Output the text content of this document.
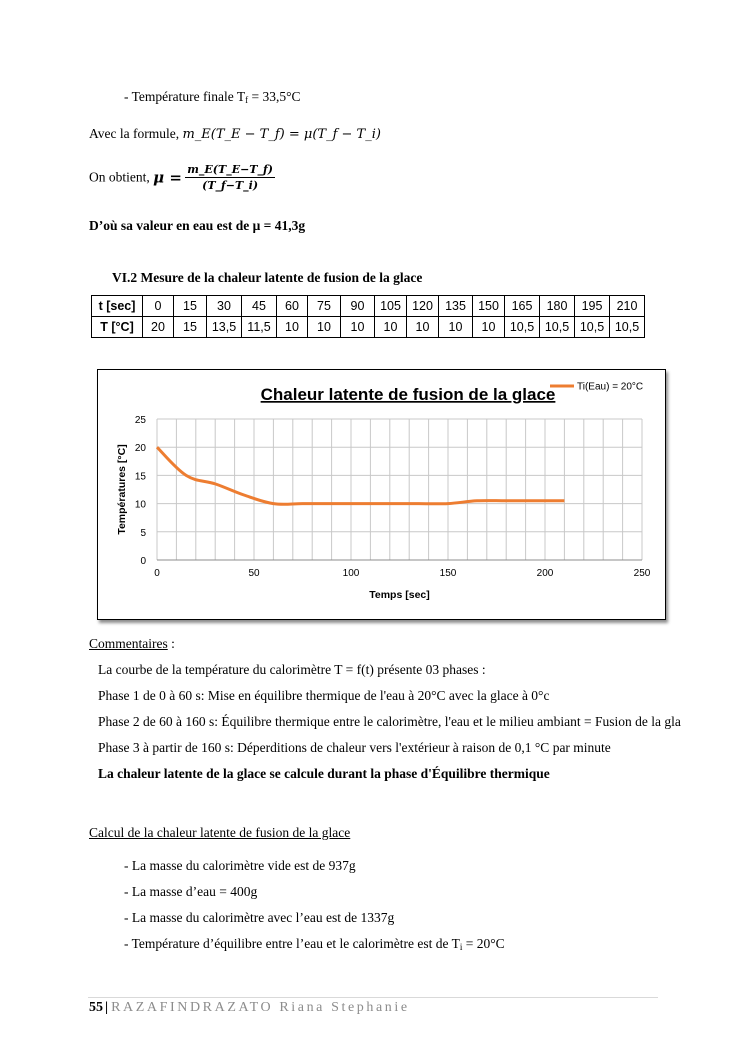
- Température finale $T_f = 33,5^\circ C$
Avec la formule, m_E(T_E − T_f) = μ(T_f − T_i)
On obtient, $\mu = \frac{m\_E(T\_E-T\_f)}{(T\_f-T\_i)}$
D’où sa valeur en eau est de μ = 41,3g
VI.2 Mesure de la chaleur latente de fusion de la glace
t [sec]	0	15	30	45	60	75	90	105	120	135	150	165	180	195	210
T [°C]	20	15	13,5	11,5	10	10	10	10	10	10	10	10,5	10,5	10,5	10,5
0	50	100	150	200	250
0
5
10
15
20
25
Chaleur latente de fusion de la glace
Temps [sec]
Températures [°C]
Ti(Eau) = 20°C
Commentaires :
La courbe de la température du calorimètre T = f(t) présente 03 phases :
Phase 1 de 0 à 60 s: Mise en équilibre thermique de l'eau à 20°C avec la glace à 0°c
Phase 2 de 60 à 160 s: Équilibre thermique entre le calorimètre, l'eau et le milieu ambiant = Fusion de la gla
Phase 3 à partir de 160 s: Déperditions de chaleur vers l'extérieur à raison de 0,1 °C par minute
La chaleur latente de la glace se calcule durant la phase d'Équilibre thermique
Calcul de la chaleur latente de fusion de la glace
- La masse du calorimètre vide est de 937g
- La masse d’eau = 400g
- La masse du calorimètre avec l’eau est de 1337g
- Température d’équilibre entre l’eau et le calorimètre est de $T_i = 20^\circ C$
55 | RAZAFINDRAZATO Riana Stephanie
